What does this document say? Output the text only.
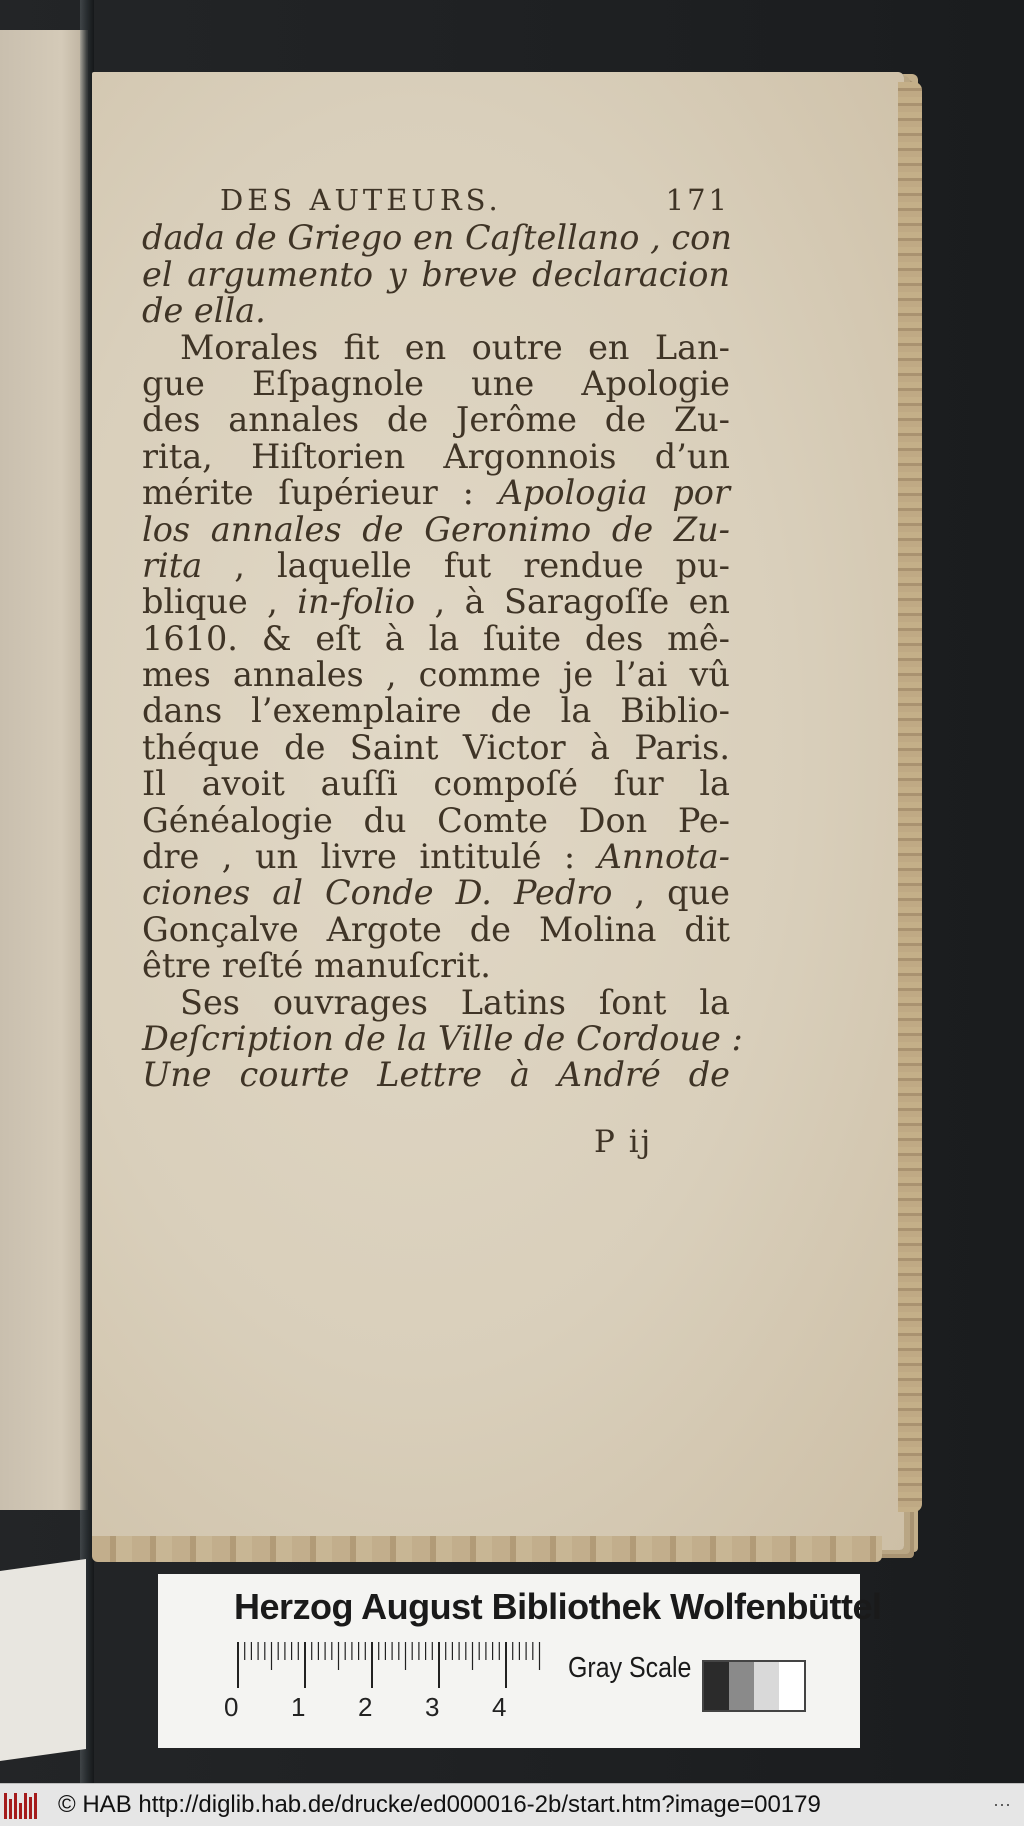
DES AUTEURS.	171
dada de Griego en Caſtellano , con
el argumento y breve declaracion
de ella.
Morales fit en outre en Lan-
gue Eſpagnole une Apologie
des annales de Jerôme de Zu-
rita, Hiſtorien Argonnois d’un
mérite ſupérieur : Apologia por
los annales de Geronimo de Zu-
rita , laquelle fut rendue pu-
blique , in-folio , à Saragoſſe en
1610. & eſt à la ſuite des mê-
mes annales , comme je l’ai vû
dans l’exemplaire de la Biblio-
théque de Saint Victor à Paris.
Il avoit auſſi compoſé ſur la
Généalogie du Comte Don Pe-
dre , un livre intitulé : Annota-
ciones al Conde D. Pedro , que
Gonçalve Argote de Molina dit
être reſté manuſcrit.
Ses ouvrages Latins ſont la
Deſcription de la Ville de Cordoue :
Une courte Lettre à André de
P ij
Herzog August Bibliothek Wolfenbüttel
0 1 2 3 4
Gray Scale
© HAB http://diglib.hab.de/drucke/ed000016-2b/start.htm?image=00179	⋯
